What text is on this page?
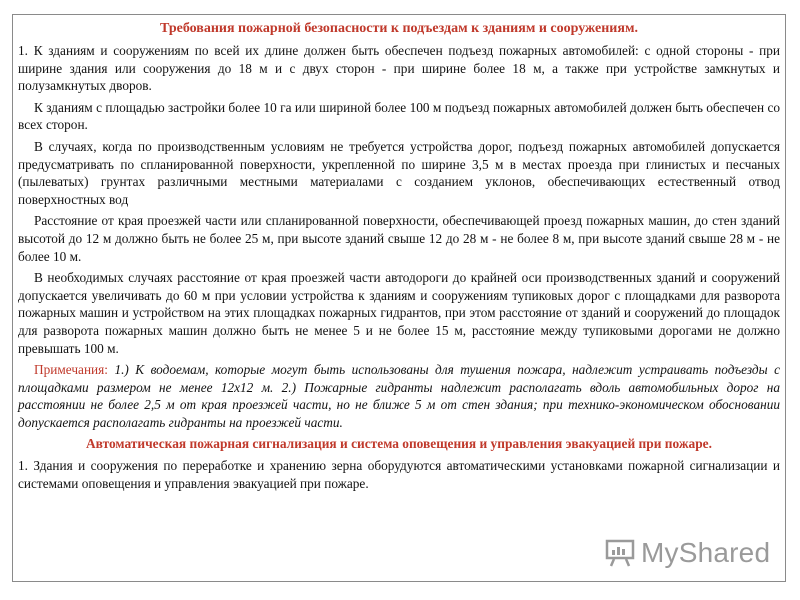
Требования пожарной безопасности к подъездам к зданиям и сооружениям.

1. К зданиям и сооружениям по всей их длине должен быть обеспечен подъезд пожарных автомобилей: с одной стороны - при ширине здания или сооружения до 18 м и с двух сторон - при ширине более 18 м, а также при устройстве замкнутых и полузамкнутых дворов.

К зданиям с площадью застройки более 10 га или шириной более 100 м подъезд пожарных автомобилей должен быть обеспечен со всех сторон.

В случаях, когда по производственным условиям не требуется устройства дорог, подъезд пожарных автомобилей допускается предусматривать по спланированной поверхности, укрепленной по ширине 3,5 м в местах проезда при глинистых и песчаных (пылеватых) грунтах различными местными материалами с созданием уклонов, обеспечивающих естественный отвод поверхностных вод

Расстояние от края проезжей части или спланированной поверхности, обеспечивающей проезд пожарных машин, до стен зданий высотой до 12 м должно быть не более 25 м, при высоте зданий свыше 12 до 28 м - не более 8 м, при высоте зданий свыше 28 м - не более 10 м.

В необходимых случаях расстояние от края проезжей части автодороги до крайней оси производственных зданий и сооружений допускается увеличивать до 60 м при условии устройства к зданиям и сооружениям тупиковых дорог с площадками для разворота пожарных машин и устройством на этих площадках пожарных гидрантов, при этом расстояние от зданий и сооружений до площадок для разворота пожарных машин должно быть не менее 5 и не более 15 м, расстояние между тупиковыми дорогами не должно превышать 100 м.

Примечания: 1.) К водоемам, которые могут быть использованы для тушения пожара, надлежит устраивать подъезды с площадками размером не менее 12х12 м. 2.) Пожарные гидранты надлежит располагать вдоль автомобильных дорог на расстоянии не более 2,5 м от края проезжей части, но не ближе 5 м от стен здания; при технико-экономическом обосновании допускается располагать гидранты на проезжей части.

Автоматическая пожарная сигнализация и система оповещения и управления эвакуацией при пожаре.

1. Здания и сооружения по переработке и хранению зерна оборудуются автоматическими установками пожарной сигнализации и системами оповещения и управления эвакуацией при пожаре.

MyShared
